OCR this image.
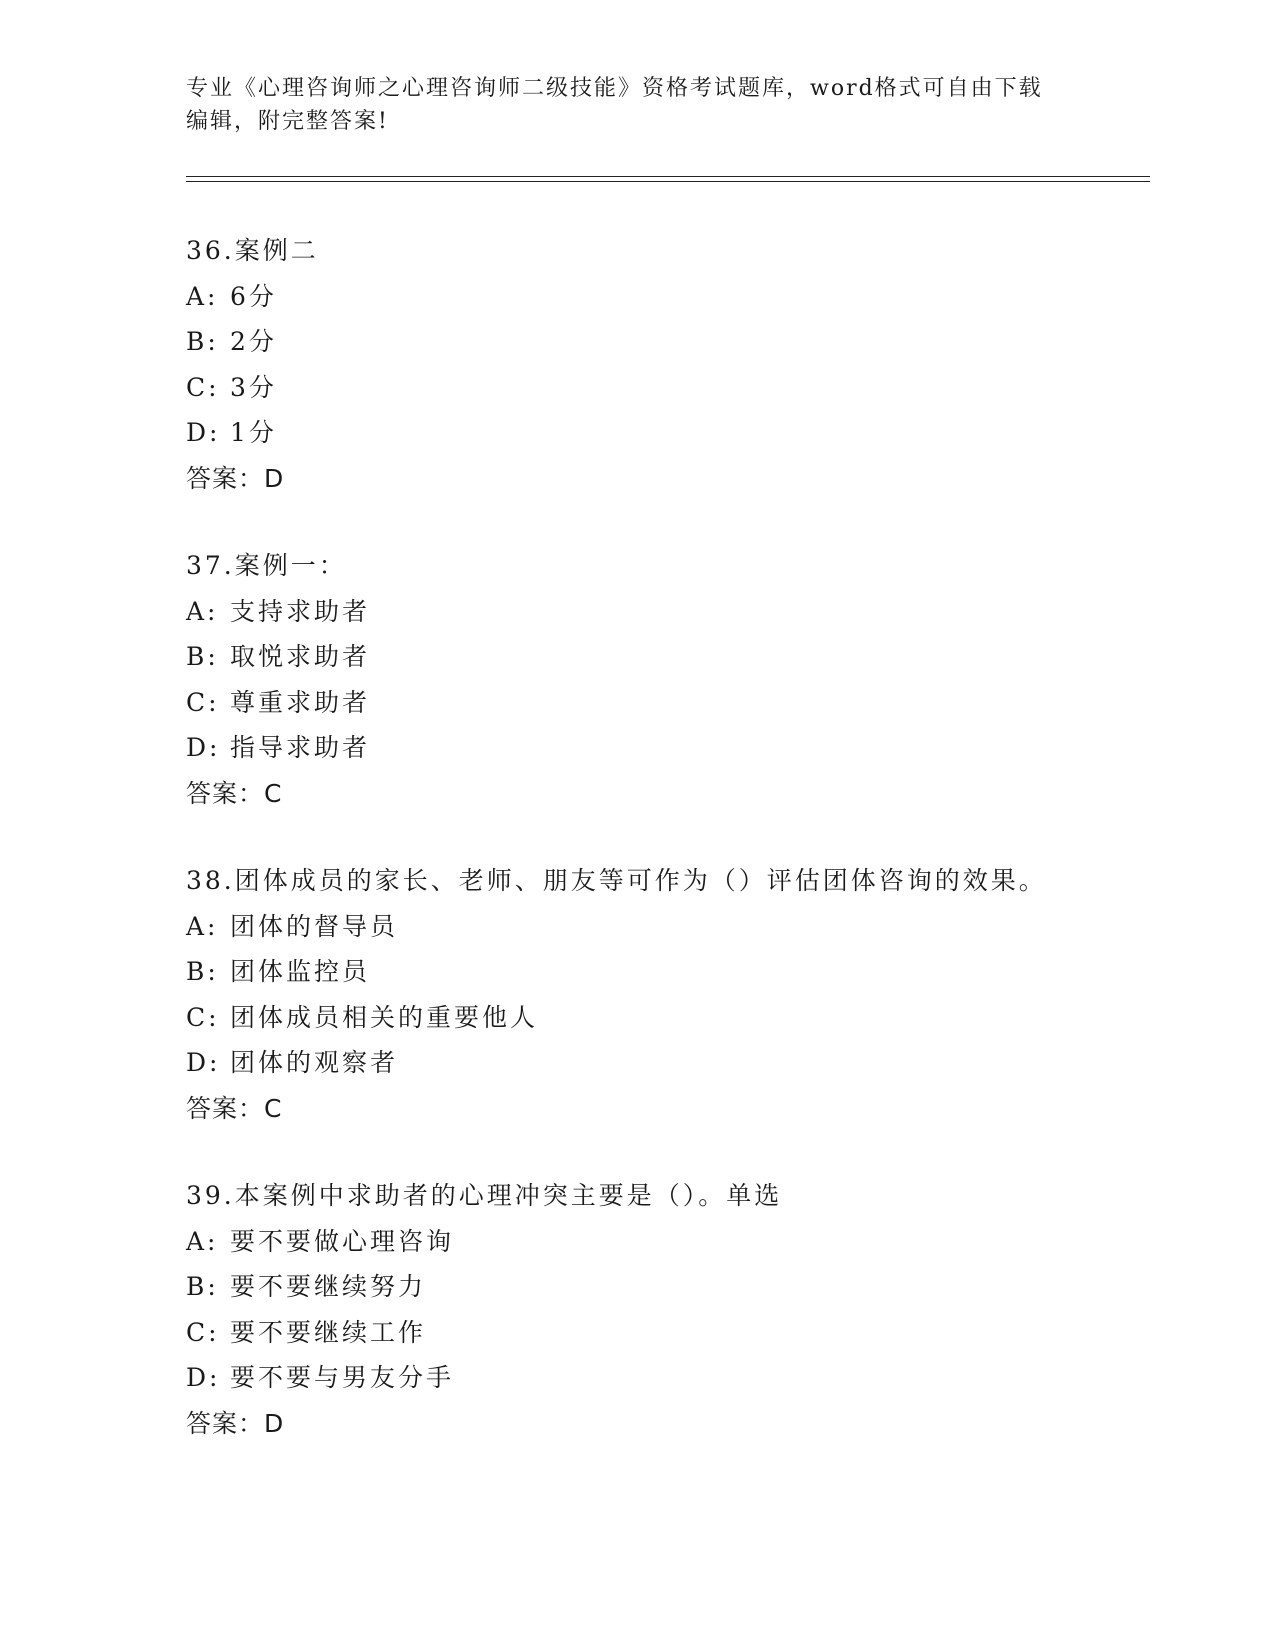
专业《心理咨询师之心理咨询师二级技能》资格考试题库，word格式可自由下载
编辑，附完整答案!
36.案例二
A: 6分
B: 2分
C: 3分
D: 1分
答案：D
37.案例一：
A: 支持求助者
B: 取悦求助者
C: 尊重求助者
D: 指导求助者
答案：C
38.团体成员的家长、老师、朋友等可作为（）评估团体咨询的效果。
A: 团体的督导员
B: 团体监控员
C: 团体成员相关的重要他人
D: 团体的观察者
答案：C
39.本案例中求助者的心理冲突主要是（）。单选
A: 要不要做心理咨询
B: 要不要继续努力
C: 要不要继续工作
D: 要不要与男友分手
答案：D
